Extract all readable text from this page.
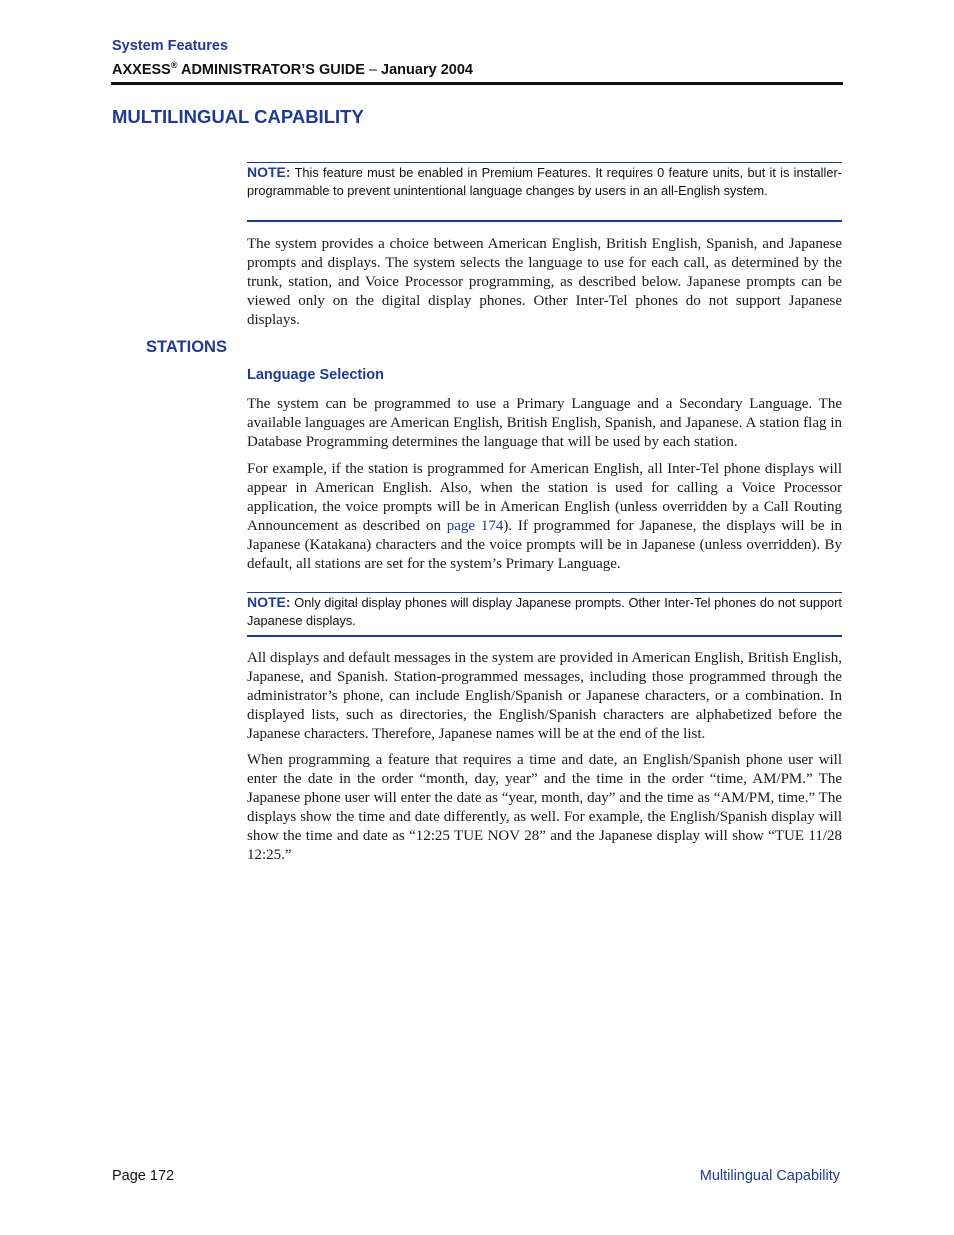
System Features
AXXESS® ADMINISTRATOR’S GUIDE – January 2004
MULTILINGUAL CAPABILITY

NOTE: This feature must be enabled in Premium Features. It requires 0 feature units, but it is installer-programmable to prevent unintentional language changes by users in an all-English system.

The system provides a choice between American English, British English, Spanish, and Japanese prompts and displays. The system selects the language to use for each call, as determined by the trunk, station, and Voice Processor programming, as described below. Japanese prompts can be viewed only on the digital display phones. Other Inter-Tel phones do not support Japanese displays.

STATIONS
Language Selection

The system can be programmed to use a Primary Language and a Secondary Language. The available languages are American English, British English, Spanish, and Japanese. A station flag in Database Programming determines the language that will be used by each station.

For example, if the station is programmed for American English, all Inter-Tel phone displays will appear in American English. Also, when the station is used for calling a Voice Processor application, the voice prompts will be in American English (unless overridden by a Call Routing Announcement as described on page 174). If programmed for Japanese, the displays will be in Japanese (Katakana) characters and the voice prompts will be in Japanese (unless overridden). By default, all stations are set for the system’s Primary Language.

NOTE: Only digital display phones will display Japanese prompts. Other Inter-Tel phones do not support Japanese displays.

All displays and default messages in the system are provided in American English, British English, Japanese, and Spanish. Station-programmed messages, including those programmed through the administrator’s phone, can include English/Spanish or Japanese characters, or a combination. In displayed lists, such as directories, the English/Spanish characters are alphabetized before the Japanese characters. Therefore, Japanese names will be at the end of the list.

When programming a feature that requires a time and date, an English/Spanish phone user will enter the date in the order “month, day, year” and the time in the order “time, AM/PM.” The Japanese phone user will enter the date as “year, month, day” and the time as “AM/PM, time.” The displays show the time and date differently, as well. For example, the English/Spanish display will show the time and date as “12:25 TUE NOV 28” and the Japanese display will show “TUE 11/28 12:25.”

Page 172	Multilingual Capability
